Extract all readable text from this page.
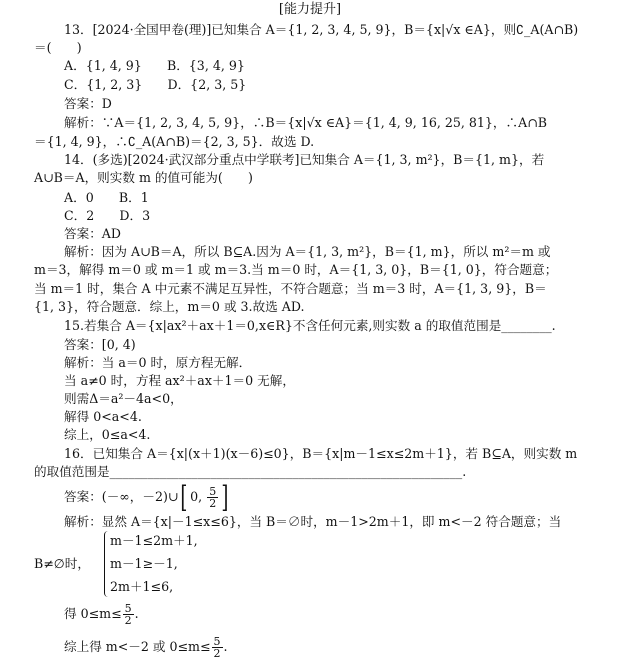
[能力提升]
13．[2024·全国甲卷(理)]已知集合 A＝{1, 2, 3, 4, 5, 9}，B＝{x|√x ∈A}，则∁_A(A∩B)
＝(　　)
A．{1, 4, 9}　　B．{3, 4, 9}
C．{1, 2, 3}　　D．{2, 3, 5}
答案：D
解析：∵A＝{1, 2, 3, 4, 5, 9}，∴B＝{x|√x ∈A}＝{1, 4, 9, 16, 25, 81}，∴A∩B
＝{1, 4, 9}，∴∁_A(A∩B)＝{2, 3, 5}．故选 D.
14．(多选)[2024·武汉部分重点中学联考]已知集合 A＝{1, 3, m²}，B＝{1, m}，若
A∪B＝A，则实数 m 的值可能为(　　)
A．0　　B．1
C．2　　D．3
答案：AD
解析：因为 A∪B＝A，所以 B⊆A.因为 A＝{1, 3, m²}，B＝{1, m}，所以 m²＝m 或
m＝3，解得 m＝0 或 m＝1 或 m＝3.当 m＝0 时，A＝{1, 3, 0}，B＝{1, 0}，符合题意；
当 m＝1 时，集合 A 中元素不满足互异性，不符合题意；当 m＝3 时，A＝{1, 3, 9}，B＝
{1, 3}，符合题意．综上，m＝0 或 3.故选 AD.
15.若集合 A＝{x|ax²＋ax＋1＝0,x∈R}不含任何元素,则实数 a 的取值范围是________.
答案：[0, 4)
解析：当 a＝0 时，原方程无解．
当 a≠0 时，方程 ax²＋ax＋1＝0 无解，
则需Δ＝a²－4a<0，
解得 0<a<4.
综上，0≤a<4.
16．已知集合 A＝{x|(x＋1)(x－6)≤0}，B＝{x|m－1≤x≤2m＋1}，若 B⊆A，则实数 m
的取值范围是________________________________________________________.
答案：(－∞，－2)∪[ 0, $\frac{5}{2}$ ]
解析：显然 A＝{x|－1≤x≤6}，当 B＝∅时，m－1>2m＋1，即 m<－2 符合题意；当
B≠∅时，
m－1≤2m＋1,
m－1≥－1,
2m＋1≤6,
得 $0\le m\le \frac{5}{2}$ .
综上得 m<－2 或 $0\le m\le \frac{5}{2}$ .
